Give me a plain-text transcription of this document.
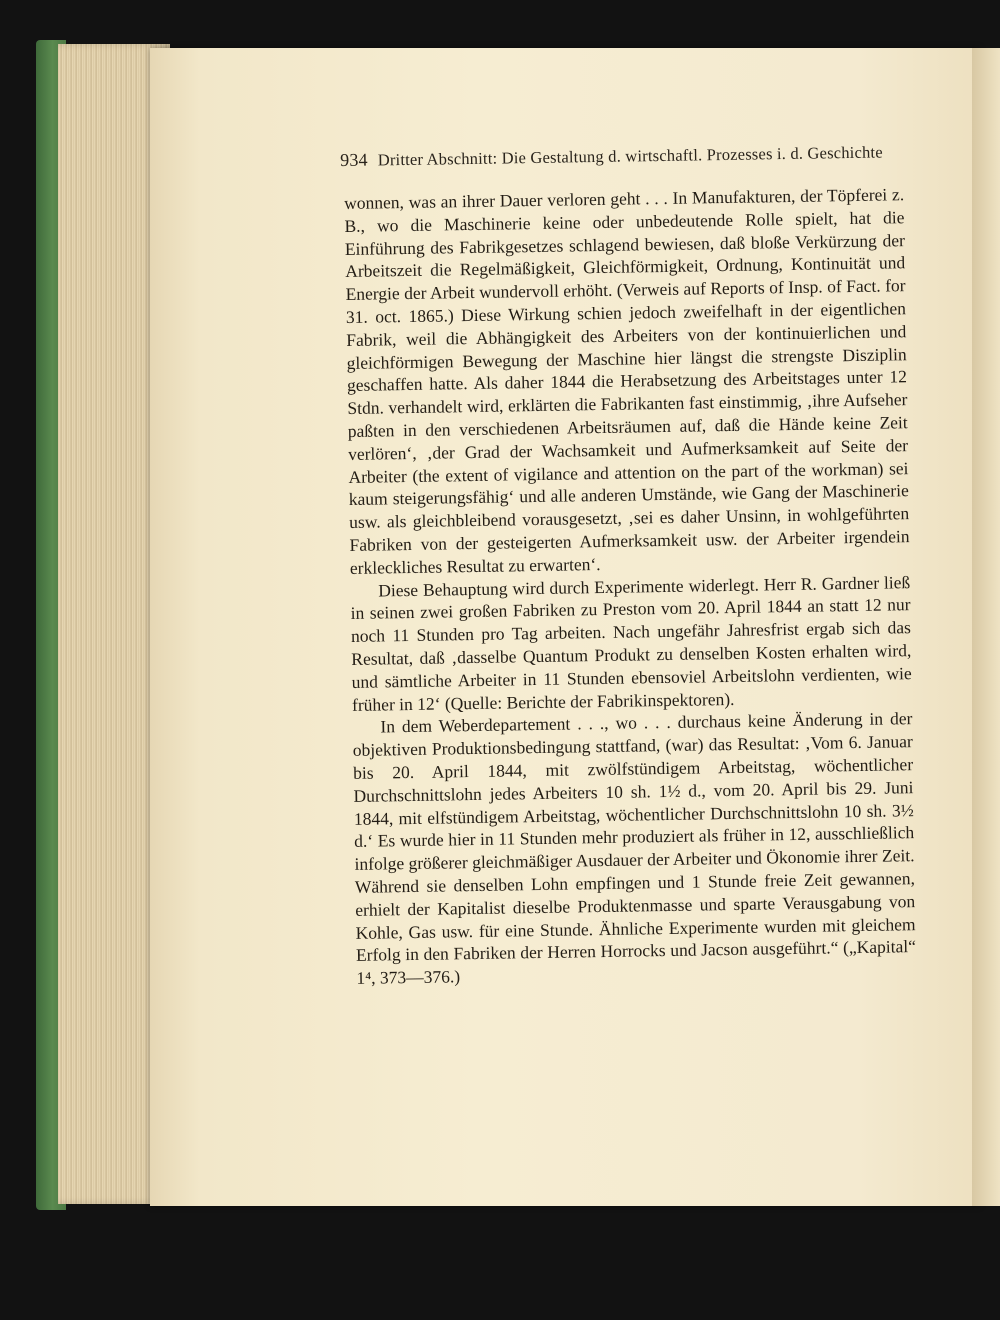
934 Dritter Abschnitt: Die Gestaltung d. wirtschaftl. Prozesses i. d. Geschichte

wonnen, was an ihrer Dauer verloren geht . . . In Manufakturen, der Töpferei z. B., wo die Maschinerie keine oder unbedeutende Rolle spielt, hat die Einführung des Fabrikgesetzes schlagend bewiesen, daß bloße Verkürzung der Arbeitszeit die Regelmäßigkeit, Gleichförmigkeit, Ordnung, Kontinuität und Energie der Arbeit wundervoll erhöht. (Verweis auf Reports of Insp. of Fact. for 31. oct. 1865.) Diese Wirkung schien jedoch zweifelhaft in der eigentlichen Fabrik, weil die Abhängigkeit des Arbeiters von der kontinuierlichen und gleichförmigen Bewegung der Maschine hier längst die strengste Disziplin geschaffen hatte. Als daher 1844 die Herabsetzung des Arbeitstages unter 12 Stdn. verhandelt wird, erklärten die Fabrikanten fast einstimmig, ‚ihre Aufseher paßten in den verschiedenen Arbeitsräumen auf, daß die Hände keine Zeit verlören‘, ‚der Grad der Wachsamkeit und Aufmerksamkeit auf Seite der Arbeiter (the extent of vigilance and attention on the part of the workman) sei kaum steigerungsfähig‘ und alle anderen Umstände, wie Gang der Maschinerie usw. als gleichbleibend vorausgesetzt, ‚sei es daher Unsinn, in wohlgeführten Fabriken von der gesteigerten Aufmerksamkeit usw. der Arbeiter irgendein erkleckliches Resultat zu erwarten‘.

Diese Behauptung wird durch Experimente widerlegt. Herr R. Gardner ließ in seinen zwei großen Fabriken zu Preston vom 20. April 1844 an statt 12 nur noch 11 Stunden pro Tag arbeiten. Nach ungefähr Jahresfrist ergab sich das Resultat, daß ‚dasselbe Quantum Produkt zu denselben Kosten erhalten wird, und sämtliche Arbeiter in 11 Stunden ebensoviel Arbeitslohn verdienten, wie früher in 12‘ (Quelle: Berichte der Fabrikinspektoren).

In dem Weberdepartement . . ., wo . . . durchaus keine Änderung in der objektiven Produktionsbedingung stattfand, (war) das Resultat: ‚Vom 6. Januar bis 20. April 1844, mit zwölfstündigem Arbeitstag, wöchentlicher Durchschnittslohn jedes Arbeiters 10 sh. 1½ d., vom 20. April bis 29. Juni 1844, mit elfstündigem Arbeitstag, wöchentlicher Durchschnittslohn 10 sh. 3½ d.‘ Es wurde hier in 11 Stunden mehr produziert als früher in 12, ausschließlich infolge größerer gleichmäßiger Ausdauer der Arbeiter und Ökonomie ihrer Zeit. Während sie denselben Lohn empfingen und 1 Stunde freie Zeit gewannen, erhielt der Kapitalist dieselbe Produktenmasse und sparte Verausgabung von Kohle, Gas usw. für eine Stunde. Ähnliche Experimente wurden mit gleichem Erfolg in den Fabriken der Herren Horrocks und Jacson ausgeführt.“ („Kapital“ 1⁴, 373—376.)
